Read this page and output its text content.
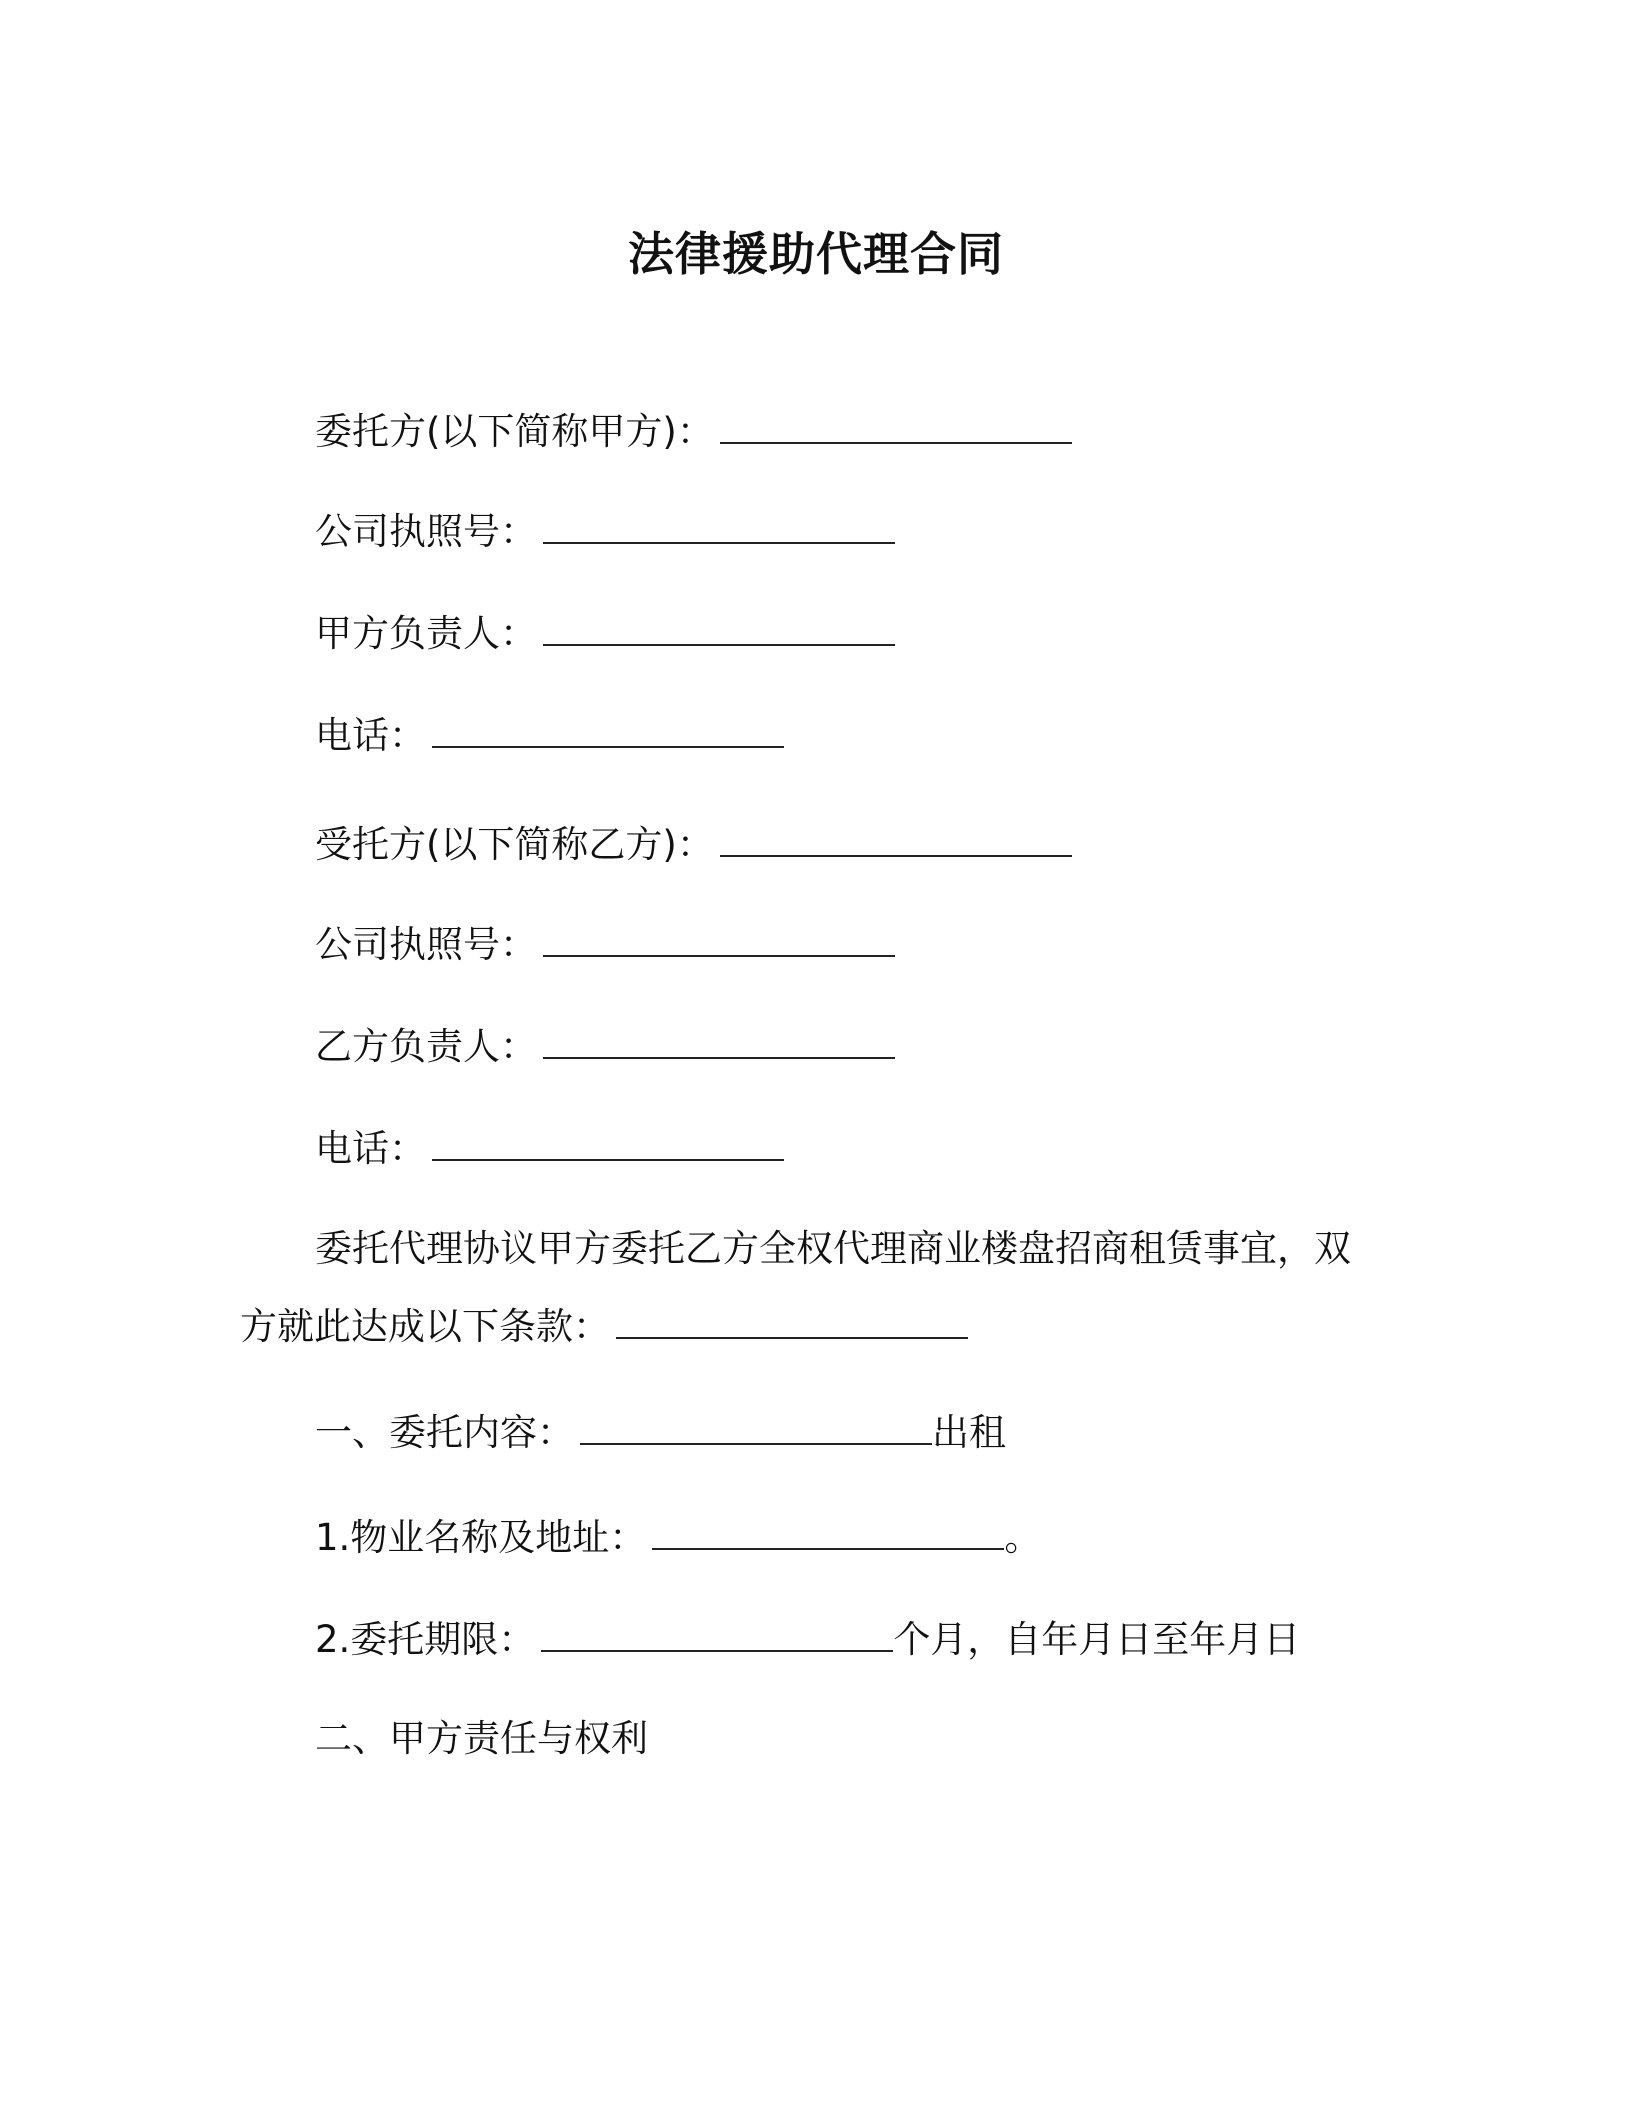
法律援助代理合同
委托方(以下简称甲方)：
公司执照号：
甲方负责人：
电话：
受托方(以下简称乙方)：
公司执照号：
乙方负责人：
电话：
委托代理协议甲方委托乙方全权代理商业楼盘招商租赁事宜，双方就此达成以下条款：
一、委托内容：	出租
1.物业名称及地址：	。
2.委托期限：	个月，自年月日至年月日
二、甲方责任与权利
